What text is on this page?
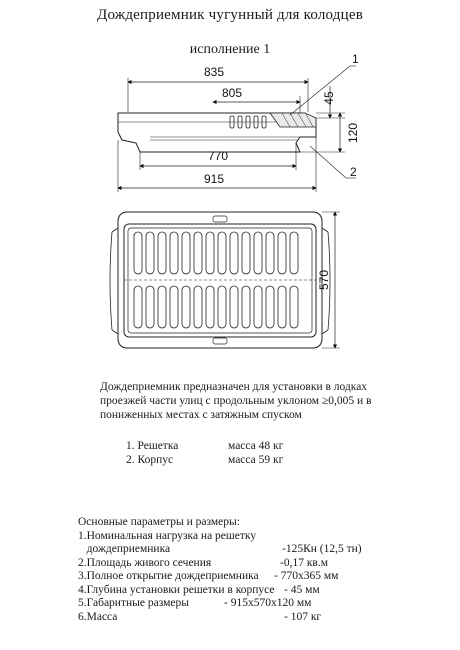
Дождеприемник чугунный для колодцев
исполнение 1
835
805
770
915
45
120
1
2
570
Дождеприемник предназначен для установки в лодках проезжей части улиц с продольным уклоном ≥0,005 и в пониженных местах с затяжным спуском
1. Решетка	масса 48 кг
2. Корпус	масса 59 кг
Основные параметры и размеры:
1.Номинальная нагрузка на решетку
дождеприемника	-125Кн (12,5 тн)
2.Площадь живого сечения	-0,17 кв.м
3.Полное открытие дождеприемника - 770х365 мм
4.Глубина установки решетки в корпусе - 45 мм
5.Габаритные размеры	- 915х570х120 мм
6.Масса	- 107 кг
